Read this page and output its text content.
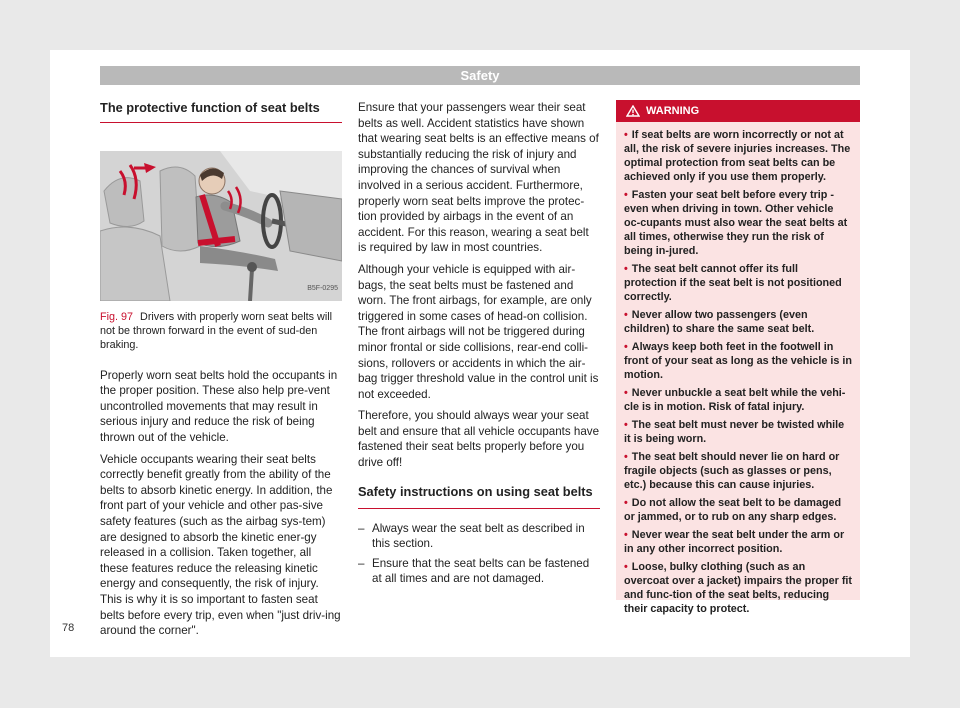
Safety
The protective function of seat belts
B5F-0295
Fig. 97 Drivers with properly worn seat belts will not be thrown forward in the event of sud-den braking.

Properly worn seat belts hold the occupants in the proper position. These also help pre-vent uncontrolled movements that may result in serious injury and reduce the risk of being thrown out of the vehicle.

Vehicle occupants wearing their seat belts correctly benefit greatly from the ability of the belts to absorb kinetic energy. In addition, the front part of your vehicle and other pas-sive safety features (such as the airbag sys-tem) are designed to absorb the kinetic ener-gy released in a collision. Taken together, all these features reduce the releasing kinetic energy and consequently, the risk of injury. This is why it is so important to fasten seat belts before every trip, even when "just driv-ing around the corner".

Ensure that your passengers wear their seat belts as well. Accident statistics have shown that wearing seat belts is an effective means of substantially reducing the risk of injury and improving the chances of survival when involved in a serious accident. Furthermore, properly worn seat belts improve the protec-tion provided by airbags in the event of an accident. For this reason, wearing a seat belt is required by law in most countries.

Although your vehicle is equipped with air-bags, the seat belts must be fastened and worn. The front airbags, for example, are only triggered in some cases of head-on collision. The front airbags will not be triggered during minor frontal or side collisions, rear-end colli-sions, rollovers or accidents in which the air-bag trigger threshold value in the control unit is not exceeded.

Therefore, you should always wear your seat belt and ensure that all vehicle occupants have fastened their seat belts properly before you drive off!

Safety instructions on using seat belts
– Always wear the seat belt as described in this section.
– Ensure that the seat belts can be fastened at all times and are not damaged.
WARNING
• If seat belts are worn incorrectly or not at all, the risk of severe injuries increases. The optimal protection from seat belts can be achieved only if you use them properly.
• Fasten your seat belt before every trip - even when driving in town. Other vehicle oc-cupants must also wear the seat belts at all times, otherwise they run the risk of being in-jured.
• The seat belt cannot offer its full protection if the seat belt is not positioned correctly.
• Never allow two passengers (even children) to share the same seat belt.
• Always keep both feet in the footwell in front of your seat as long as the vehicle is in motion.
• Never unbuckle a seat belt while the vehi-cle is in motion. Risk of fatal injury.
• The seat belt must never be twisted while it is being worn.
• The seat belt should never lie on hard or fragile objects (such as glasses or pens, etc.) because this can cause injuries.
• Do not allow the seat belt to be damaged or jammed, or to rub on any sharp edges.
• Never wear the seat belt under the arm or in any other incorrect position.
• Loose, bulky clothing (such as an overcoat over a jacket) impairs the proper fit and func-tion of the seat belts, reducing their capacity to protect.
78
